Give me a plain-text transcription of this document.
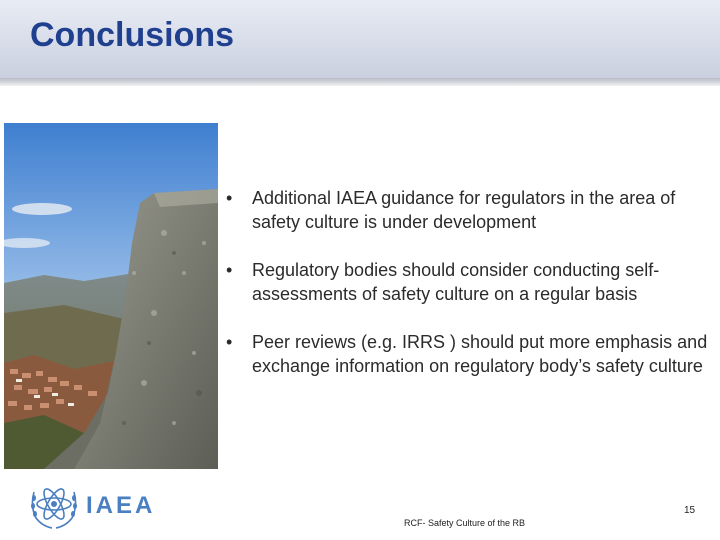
Conclusions
• Additional IAEA guidance for regulators in the area of safety culture is under development
• Regulatory bodies should consider conducting self-assessments of safety culture on a regular basis
• Peer reviews (e.g. IRRS ) should put more emphasis and exchange information on regulatory body’s safety culture
IAEA	15
RCF- Safety Culture of the RB
